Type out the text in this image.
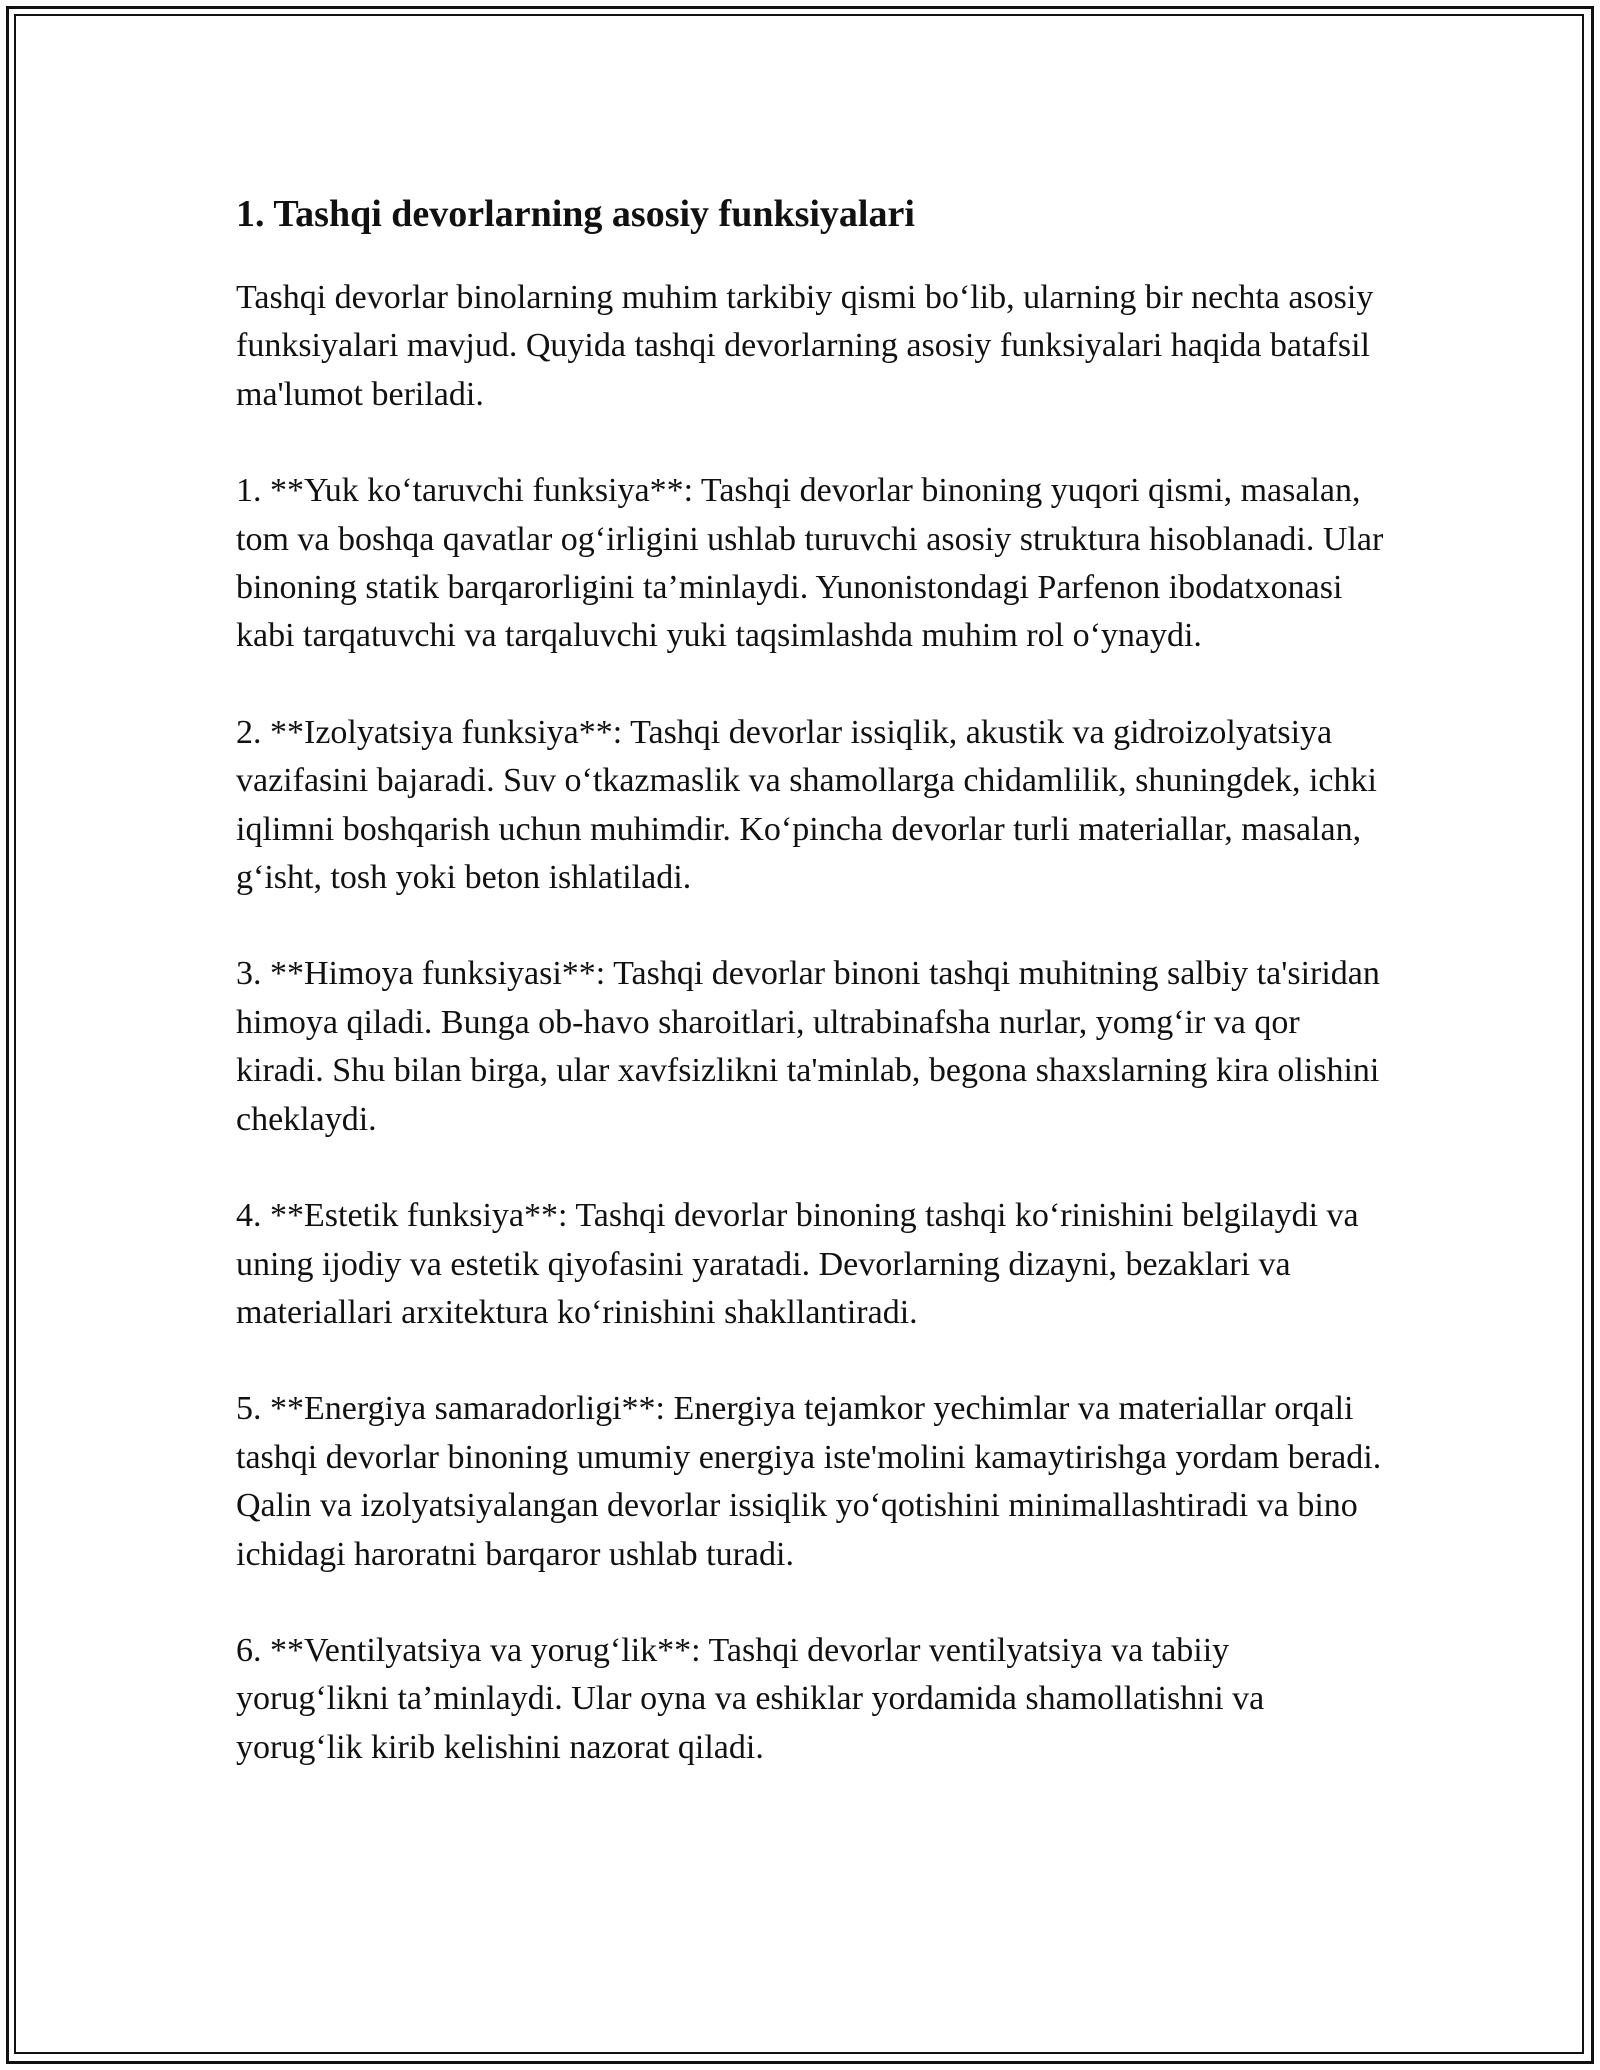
1. Tashqi devorlarning asosiy funksiyalari

Tashqi devorlar binolarning muhim tarkibiy qismi bo‘lib, ularning bir nechta asosiy funksiyalari mavjud. Quyida tashqi devorlarning asosiy funksiyalari haqida batafsil ma'lumot beriladi.

1. **Yuk ko‘taruvchi funksiya**: Tashqi devorlar binoning yuqori qismi, masalan, tom va boshqa qavatlar og‘irligini ushlab turuvchi asosiy struktura hisoblanadi. Ular binoning statik barqarorligini ta’minlaydi. Yunonistondagi Parfenon ibodatxonasi kabi tarqatuvchi va tarqaluvchi yuki taqsimlashda muhim rol o‘ynaydi.

2. **Izolyatsiya funksiya**: Tashqi devorlar issiqlik, akustik va gidroizolyatsiya vazifasini bajaradi. Suv o‘tkazmaslik va shamollarga chidamlilik, shuningdek, ichki iqlimni boshqarish uchun muhimdir. Ko‘pincha devorlar turli materiallar, masalan, g‘isht, tosh yoki beton ishlatiladi.

3. **Himoya funksiyasi**: Tashqi devorlar binoni tashqi muhitning salbiy ta'siridan himoya qiladi. Bunga ob-havo sharoitlari, ultrabinafsha nurlar, yomg‘ir va qor kiradi. Shu bilan birga, ular xavfsizlikni ta'minlab, begona shaxslarning kira olishini cheklaydi.

4. **Estetik funksiya**: Tashqi devorlar binoning tashqi ko‘rinishini belgilaydi va uning ijodiy va estetik qiyofasini yaratadi. Devorlarning dizayni, bezaklari va materiallari arxitektura ko‘rinishini shakllantiradi.

5. **Energiya samaradorligi**: Energiya tejamkor yechimlar va materiallar orqali tashqi devorlar binoning umumiy energiya iste'molini kamaytirishga yordam beradi. Qalin va izolyatsiyalangan devorlar issiqlik yo‘qotishini minimallashtiradi va bino ichidagi haroratni barqaror ushlab turadi.

6. **Ventilyatsiya va yorug‘lik**: Tashqi devorlar ventilyatsiya va tabiiy yorug‘likni ta’minlaydi. Ular oyna va eshiklar yordamida shamollatishni va yorug‘lik kirib kelishini nazorat qiladi.
